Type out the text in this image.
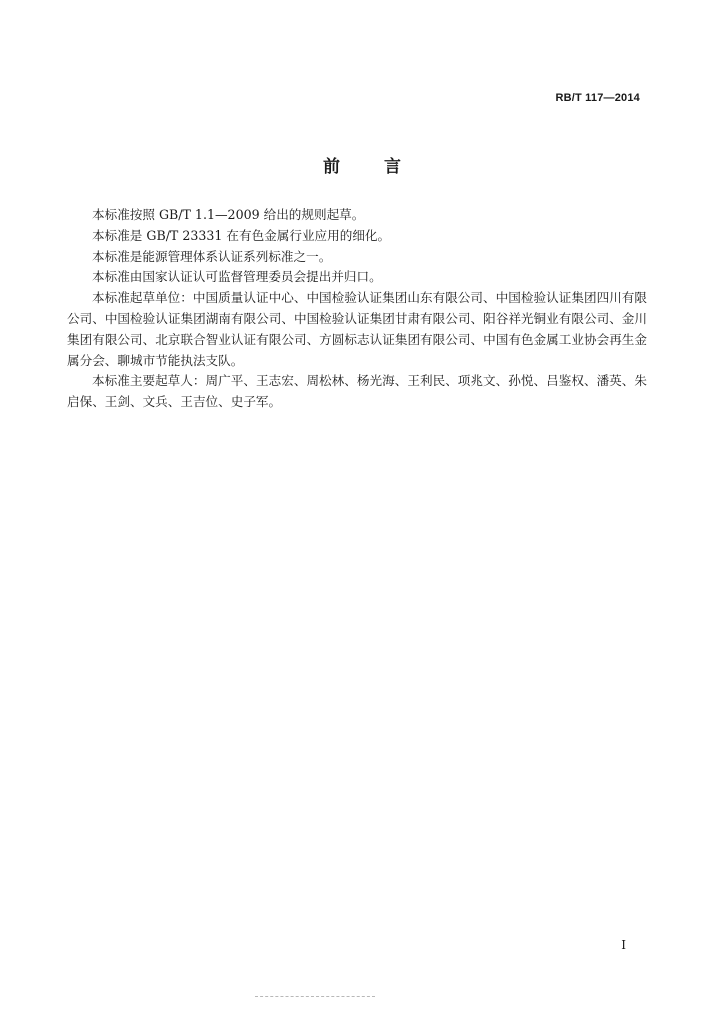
RB/T 117—2014
前言

本标准按照 GB/T 1.1—2009 给出的规则起草。

本标准是 GB/T 23331 在有色金属行业应用的细化。

本标准是能源管理体系认证系列标准之一。

本标准由国家认证认可监督管理委员会提出并归口。

本标准起草单位：中国质量认证中心、中国检验认证集团山东有限公司、中国检验认证集团四川有限公司、中国检验认证集团湖南有限公司、中国检验认证集团甘肃有限公司、阳谷祥光铜业有限公司、金川集团有限公司、北京联合智业认证有限公司、方圆标志认证集团有限公司、中国有色金属工业协会再生金属分会、聊城市节能执法支队。

本标准主要起草人：周广平、王志宏、周松林、杨光海、王利民、项兆文、孙悦、吕鉴权、潘英、朱启保、王剑、文兵、王吉位、史子军。

I
